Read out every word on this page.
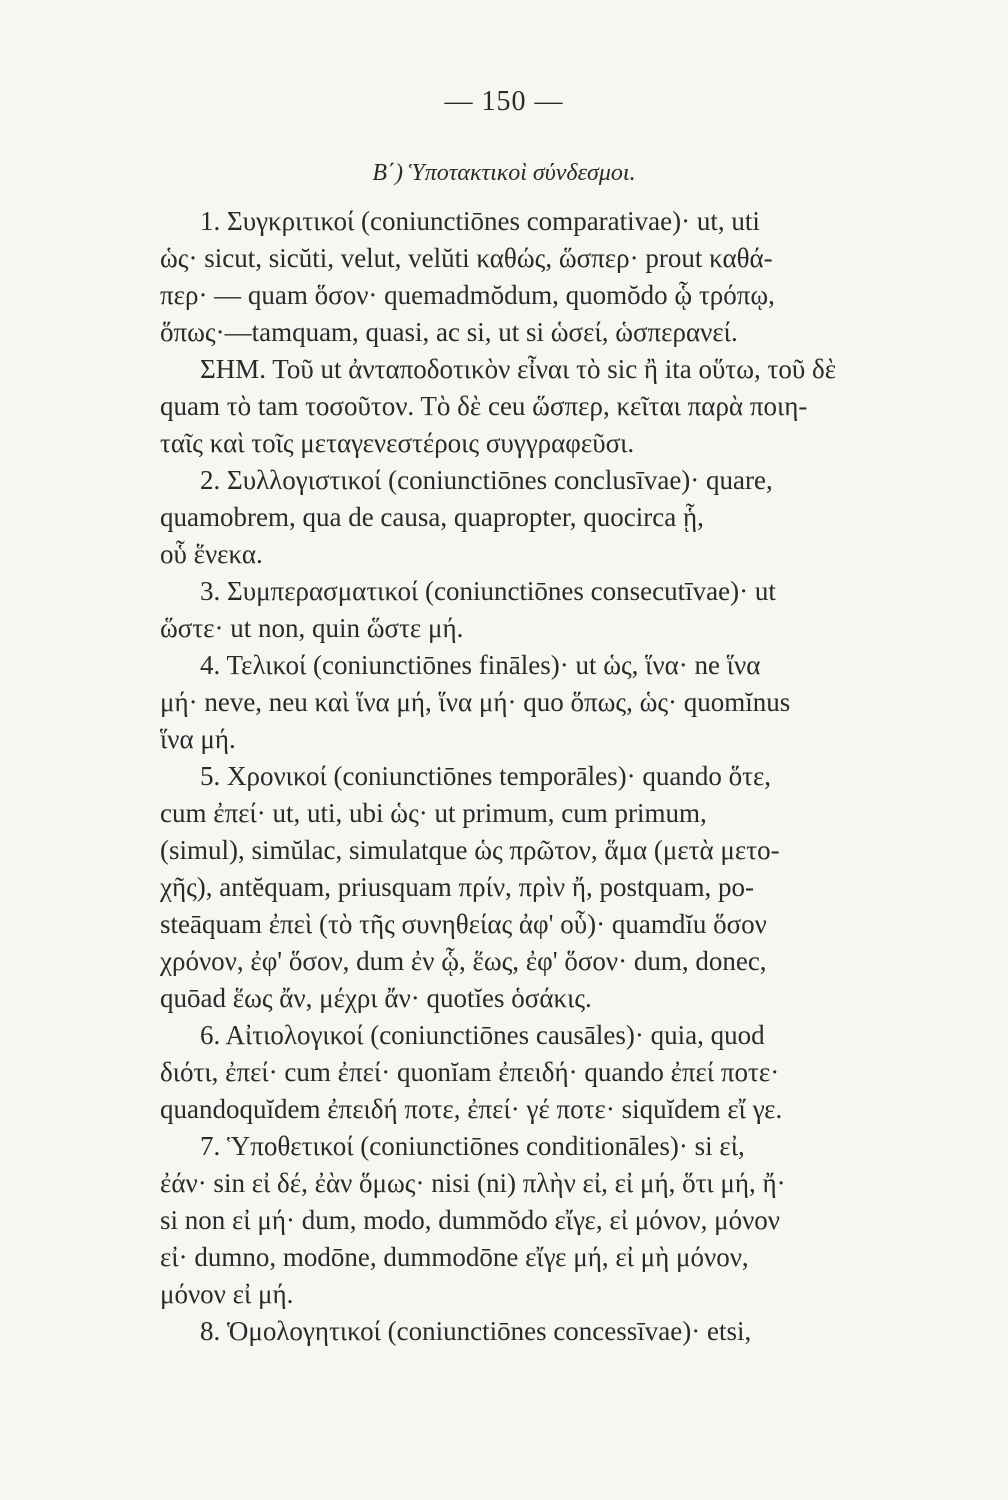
— 150 —
Β΄) Ὑποτακτικοὶ σύνδεσμοι.
1. Συγκριτικοί (coniunctiōnes comparativae)· ut, uti
ὡς· sicut, sicŭti, velut, velŭti καθώς, ὥσπερ· prout καθά-
περ· — quam ὅσον· quemadmŏdum, quomŏdo ᾧ τρόπῳ,
ὅπως·—tamquam, quasi, ac si, ut si ὡσεί, ὡσπερανεί.
ΣΗΜ. Τοῦ ut ἀνταποδοτικὸν εἶναι τὸ sic ἢ ita οὕτω, τοῦ δὲ
quam τὸ tam τοσοῦτον. Τὸ δὲ ceu ὥσπερ, κεῖται παρὰ ποιη-
ταῖς καὶ τοῖς μεταγενεστέροις συγγραφεῦσι.
2. Συλλογιστικοί (coniunctiōnes conclusīvae)· quare,
quamobrem, qua de causa, quapropter, quocirca ᾗ,
οὗ ἕνεκα.
3. Συμπερασματικοί (coniunctiōnes consecutīvae)· ut
ὥστε· ut non, quin ὥστε μή.
4. Τελικοί (coniunctiōnes fināles)· ut ὡς, ἵνα· ne ἵνα
μή· neve, neu καὶ ἵνα μή, ἵνα μή· quo ὅπως, ὡς· quomĭnus
ἵνα μή.
5. Χρονικοί (coniunctiōnes temporāles)· quando ὅτε,
cum ἐπεί· ut, uti, ubi ὡς· ut primum, cum primum,
(simul), simŭlac, simulatque ὡς πρῶτον, ἅμα (μετὰ μετο-
χῆς), antĕquam, priusquam πρίν, πρὶν ἤ, postquam, po-
steāquam ἐπεὶ (τὸ τῆς συνηθείας ἀφ' οὗ)· quamdĭu ὅσον
χρόνον, ἐφ' ὅσον, dum ἐν ᾧ, ἕως, ἐφ' ὅσον· dum, donec,
quōad ἕως ἄν, μέχρι ἄν· quotĭes ὁσάκις.
6. Αἰτιολογικοί (coniunctiōnes causāles)· quia, quod
διότι, ἐπεί· cum ἐπεί· quonĭam ἐπειδή· quando ἐπεί ποτε·
quandoquĭdem ἐπειδή ποτε, ἐπεί· γέ ποτε· siquĭdem εἴ γε.
7. Ὑποθετικοί (coniunctiōnes conditionāles)· si εἰ,
ἐάν· sin εἰ δέ, ἐὰν ὅμως· nisi (ni) πλὴν εἰ, εἰ μή, ὅτι μή, ἤ·
si non εἰ μή· dum, modo, dummŏdo εἴγε, εἰ μόνον, μόνον
εἰ· dumno, modōne, dummodōne εἴγε μή, εἰ μὴ μόνον,
μόνον εἰ μή.
8. Ὁμολογητικοί (coniunctiōnes concessīvae)· etsi,
